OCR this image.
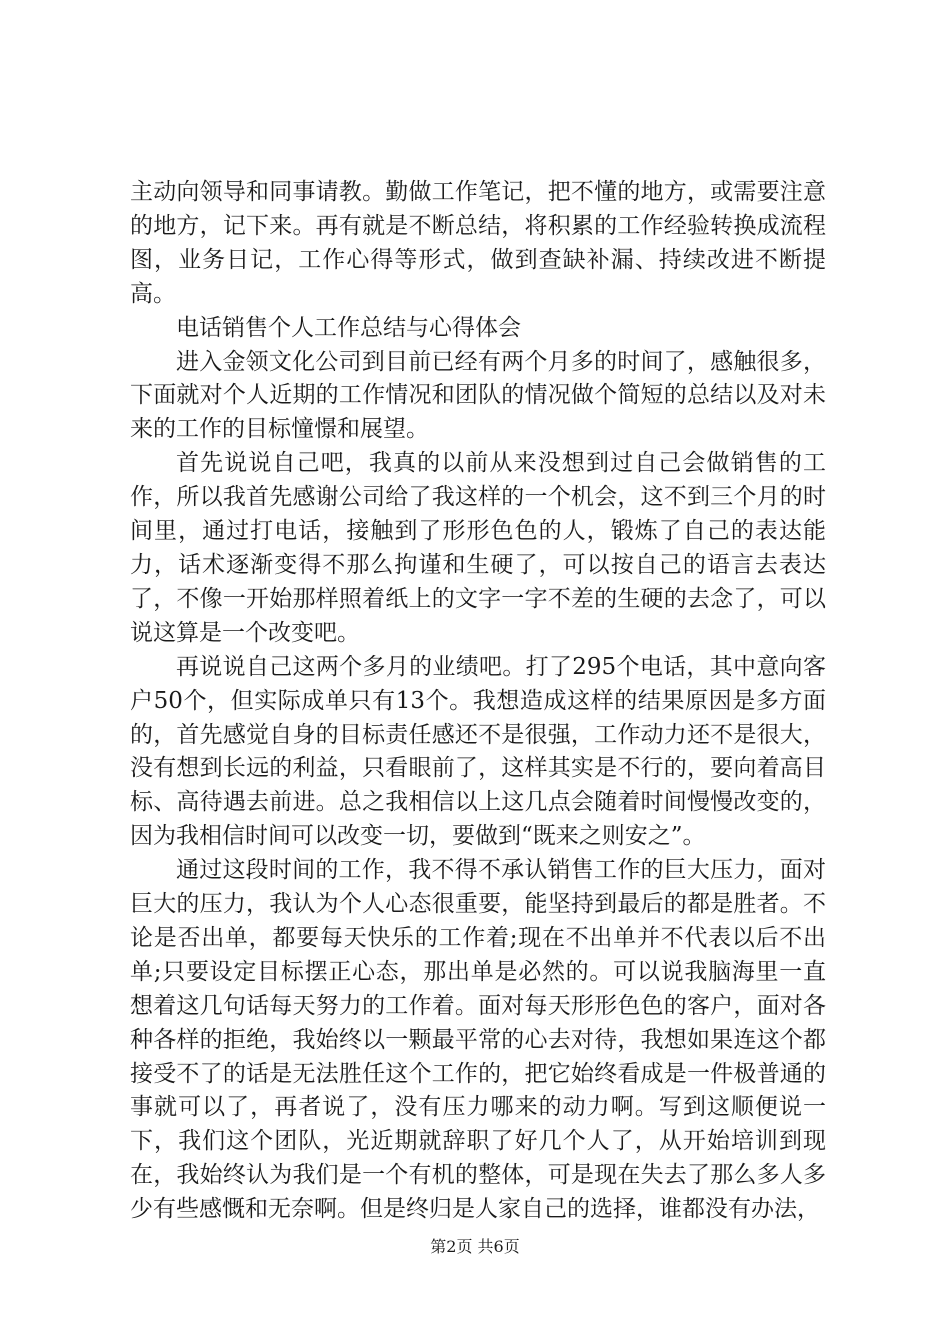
主动向领导和同事请教。勤做工作笔记，把不懂的地方，或需要注意的地方，记下来。再有就是不断总结，将积累的工作经验转换成流程图，业务日记，工作心得等形式，做到查缺补漏、持续改进不断提高。

电话销售个人工作总结与心得体会

进入金领文化公司到目前已经有两个月多的时间了，感触很多，下面就对个人近期的工作情况和团队的情况做个简短的总结以及对未来的工作的目标憧憬和展望。

首先说说自己吧，我真的以前从来没想到过自己会做销售的工作，所以我首先感谢公司给了我这样的一个机会，这不到三个月的时间里，通过打电话，接触到了形形色色的人，锻炼了自己的表达能力，话术逐渐变得不那么拘谨和生硬了，可以按自己的语言去表达了，不像一开始那样照着纸上的文字一字不差的生硬的去念了，可以说这算是一个改变吧。

再说说自己这两个多月的业绩吧。打了295个电话，其中意向客户50个，但实际成单只有13个。我想造成这样的结果原因是多方面的，首先感觉自身的目标责任感还不是很强，工作动力还不是很大，没有想到长远的利益，只看眼前了，这样其实是不行的，要向着高目标、高待遇去前进。总之我相信以上这几点会随着时间慢慢改变的，因为我相信时间可以改变一切，要做到“既来之则安之”。

通过这段时间的工作，我不得不承认销售工作的巨大压力，面对巨大的压力，我认为个人心态很重要，能坚持到最后的都是胜者。不论是否出单，都要每天快乐的工作着;现在不出单并不代表以后不出单;只要设定目标摆正心态，那出单是必然的。可以说我脑海里一直想着这几句话每天努力的工作着。面对每天形形色色的客户，面对各种各样的拒绝，我始终以一颗最平常的心去对待，我想如果连这个都接受不了的话是无法胜任这个工作的，把它始终看成是一件极普通的事就可以了，再者说了，没有压力哪来的动力啊。写到这顺便说一下，我们这个团队，光近期就辞职了好几个人了，从开始培训到现在，我始终认为我们是一个有机的整体，可是现在失去了那么多人多少有些感慨和无奈啊。但是终归是人家自己的选择，谁都没有办法，

第2页 共6页
